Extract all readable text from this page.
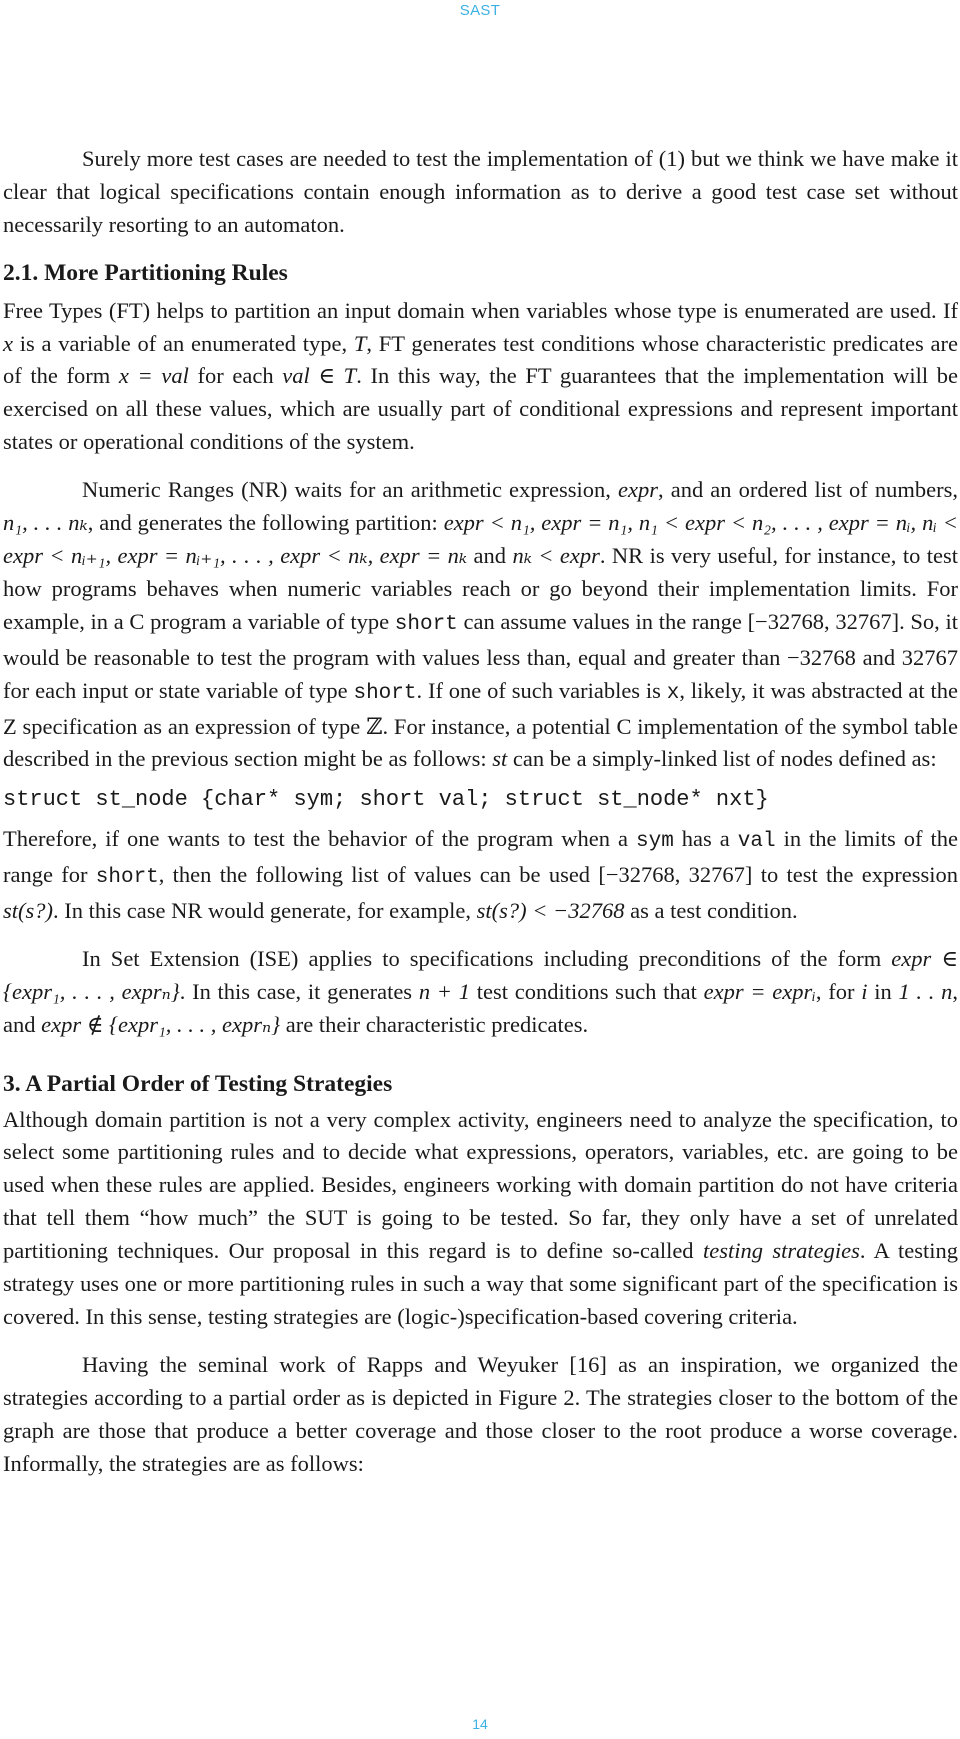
SAST

Surely more test cases are needed to test the implementation of (1) but we think we have make it clear that logical specifications contain enough information as to derive a good test case set without necessarily resorting to an automaton.

2.1. More Partitioning Rules

Free Types (FT) helps to partition an input domain when variables whose type is enumerated are used. If x is a variable of an enumerated type, T, FT generates test conditions whose characteristic predicates are of the form x = val for each val ∈ T. In this way, the FT guarantees that the implementation will be exercised on all these values, which are usually part of conditional expressions and represent important states or operational conditions of the system.

Numeric Ranges (NR) waits for an arithmetic expression, expr, and an ordered list of numbers, n₁, . . . nₖ, and generates the following partition: expr < n₁, expr = n₁, n₁ < expr < n₂, . . . , expr = nᵢ, nᵢ < expr < nᵢ₊₁, expr = nᵢ₊₁, . . . , expr < nₖ, expr = nₖ and nₖ < expr. NR is very useful, for instance, to test how programs behaves when numeric variables reach or go beyond their implementation limits. For example, in a C program a variable of type short can assume values in the range [−32768, 32767]. So, it would be reasonable to test the program with values less than, equal and greater than −32768 and 32767 for each input or state variable of type short. If one of such variables is x, likely, it was abstracted at the Z specification as an expression of type ℤ. For instance, a potential C implementation of the symbol table described in the previous section might be as follows: st can be a simply-linked list of nodes defined as:

struct st_node {char* sym; short val; struct st_node* nxt}

Therefore, if one wants to test the behavior of the program when a sym has a val in the limits of the range for short, then the following list of values can be used [−32768, 32767] to test the expression st(s?). In this case NR would generate, for example, st(s?) < −32768 as a test condition.

In Set Extension (ISE) applies to specifications including preconditions of the form expr ∈ {expr₁, . . . , exprₙ}. In this case, it generates n + 1 test conditions such that expr = exprᵢ, for i in 1 . . n, and expr ∉ {expr₁, . . . , exprₙ} are their characteristic predicates.

3. A Partial Order of Testing Strategies

Although domain partition is not a very complex activity, engineers need to analyze the specification, to select some partitioning rules and to decide what expressions, operators, variables, etc. are going to be used when these rules are applied. Besides, engineers working with domain partition do not have criteria that tell them “how much” the SUT is going to be tested. So far, they only have a set of unrelated partitioning techniques. Our proposal in this regard is to define so-called testing strategies. A testing strategy uses one or more partitioning rules in such a way that some significant part of the specification is covered. In this sense, testing strategies are (logic-)specification-based covering criteria.

Having the seminal work of Rapps and Weyuker [16] as an inspiration, we organized the strategies according to a partial order as is depicted in Figure 2. The strategies closer to the bottom of the graph are those that produce a better coverage and those closer to the root produce a worse coverage. Informally, the strategies are as follows:

14
